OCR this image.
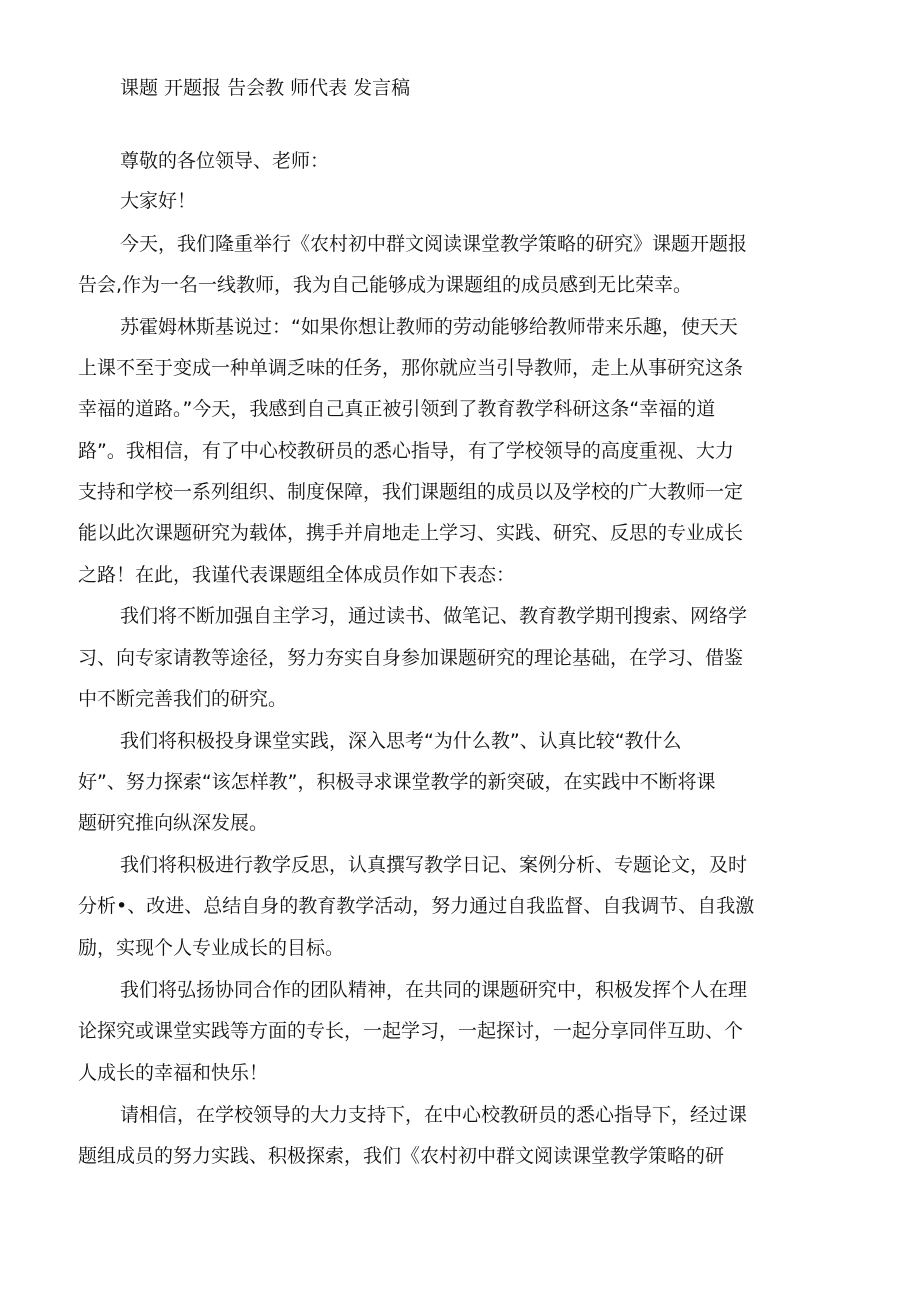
课题 开题报 告会教 师代表 发言稿
尊敬的各位领导、老师：
大家好！
今天，我们隆重举行《农村初中群文阅读课堂教学策略的研究》课题开题报
告会,作为一名一线教师，我为自己能够成为课题组的成员感到无比荣幸。
苏霍姆林斯基说过：“如果你想让教师的劳动能够给教师带来乐趣，使天天
上课不至于变成一种单调乏味的任务，那你就应当引导教师，走上从事研究这条
幸福的道路。”今天，我感到自己真正被引领到了教育教学科研这条“幸福的道
路”。我相信，有了中心校教研员的悉心指导，有了学校领导的高度重视、大力
支持和学校一系列组织、制度保障，我们课题组的成员以及学校的广大教师一定
能以此次课题研究为载体，携手并肩地走上学习、实践、研究、反思的专业成长
之路！在此，我谨代表课题组全体成员作如下表态：
我们将不断加强自主学习，通过读书、做笔记、教育教学期刊搜索、网络学
习、向专家请教等途径，努力夯实自身参加课题研究的理论基础，在学习、借鉴
中不断完善我们的研究。
我们将积极投身课堂实践，深入思考“为什么教”、认真比较“教什么
好”、努力探索“该怎样教”，积极寻求课堂教学的新突破，在实践中不断将课
题研究推向纵深发展。
我们将积极进行教学反思，认真撰写教学日记、案例分析、专题论文，及时
分析•、改进、总结自身的教育教学活动，努力通过自我监督、自我调节、自我激
励，实现个人专业成长的目标。
我们将弘扬协同合作的团队精神，在共同的课题研究中，积极发挥个人在理
论探究或课堂实践等方面的专长，一起学习，一起探讨，一起分享同伴互助、个
人成长的幸福和快乐！
请相信，在学校领导的大力支持下，在中心校教研员的悉心指导下，经过课
题组成员的努力实践、积极探索，我们《农村初中群文阅读课堂教学策略的研
